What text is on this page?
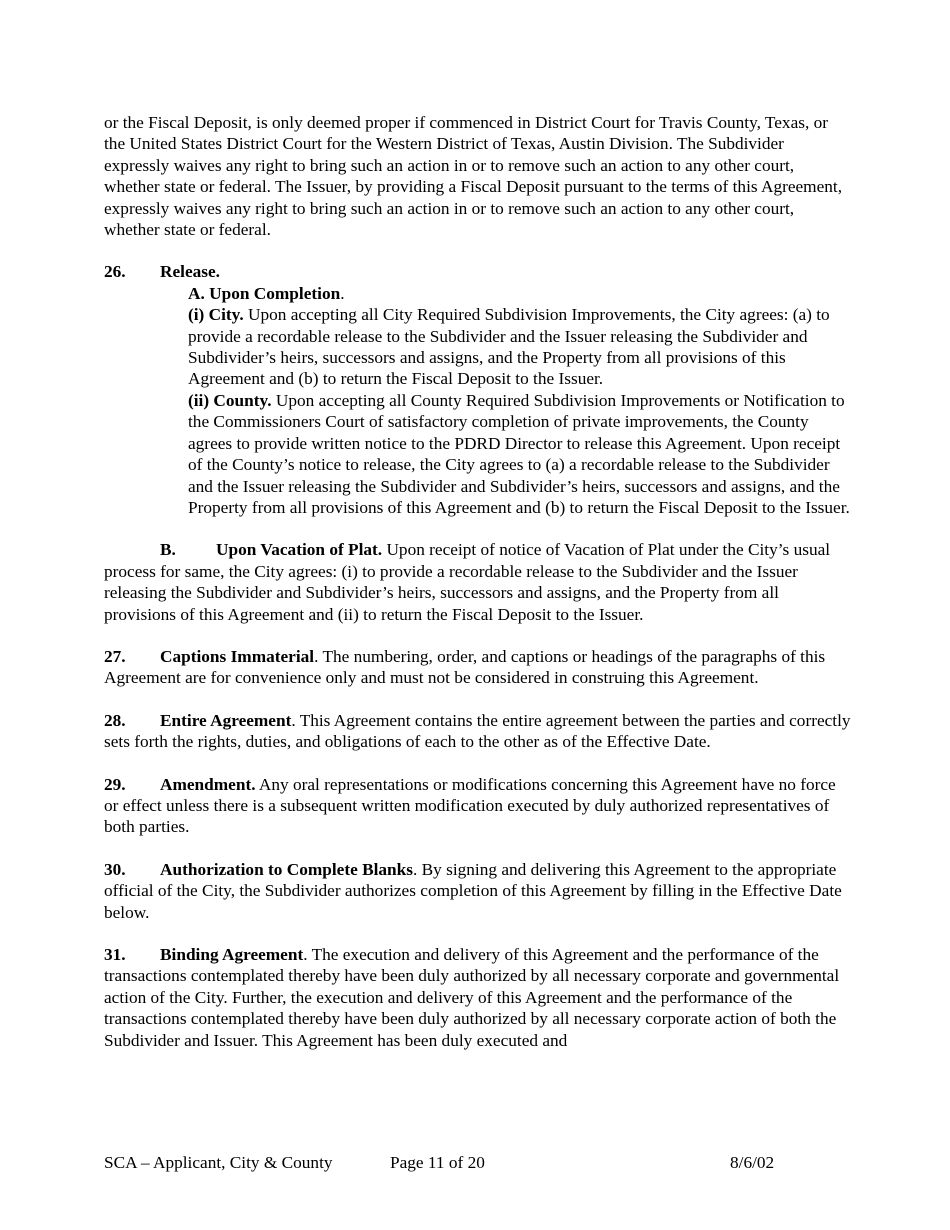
or the Fiscal Deposit, is only deemed proper if commenced in District Court for Travis County, Texas, or the United States District Court for the Western District of Texas, Austin Division. The Subdivider expressly waives any right to bring such an action in or to remove such an action to any other court, whether state or federal. The Issuer, by providing a Fiscal Deposit pursuant to the terms of this Agreement, expressly waives any right to bring such an action in or to remove such an action to any other court, whether state or federal.

26.	Release.

A. Upon Completion.

(i) City. Upon accepting all City Required Subdivision Improvements, the City agrees: (a) to provide a recordable release to the Subdivider and the Issuer releasing the Subdivider and Subdivider’s heirs, successors and assigns, and the Property from all provisions of this Agreement and (b) to return the Fiscal Deposit to the Issuer.

(ii) County. Upon accepting all County Required Subdivision Improvements or Notification to the Commissioners Court of satisfactory completion of private improvements, the County agrees to provide written notice to the PDRD Director to release this Agreement. Upon receipt of the County’s notice to release, the City agrees to (a) a recordable release to the Subdivider and the Issuer releasing the Subdivider and Subdivider’s heirs, successors and assigns, and the Property from all provisions of this Agreement and (b) to return the Fiscal Deposit to the Issuer.

B. Upon Vacation of Plat. Upon receipt of notice of Vacation of Plat under the City’s usual process for same, the City agrees: (i) to provide a recordable release to the Subdivider and the Issuer releasing the Subdivider and Subdivider’s heirs, successors and assigns, and the Property from all provisions of this Agreement and (ii) to return the Fiscal Deposit to the Issuer.

27. Captions Immaterial. The numbering, order, and captions or headings of the paragraphs of this Agreement are for convenience only and must not be considered in construing this Agreement.

28. Entire Agreement. This Agreement contains the entire agreement between the parties and correctly sets forth the rights, duties, and obligations of each to the other as of the Effective Date.

29. Amendment. Any oral representations or modifications concerning this Agreement have no force or effect unless there is a subsequent written modification executed by duly authorized representatives of both parties.

30. Authorization to Complete Blanks. By signing and delivering this Agreement to the appropriate official of the City, the Subdivider authorizes completion of this Agreement by filling in the Effective Date below.

31. Binding Agreement. The execution and delivery of this Agreement and the performance of the transactions contemplated thereby have been duly authorized by all necessary corporate and governmental action of the City. Further, the execution and delivery of this Agreement and the performance of the transactions contemplated thereby have been duly authorized by all necessary corporate action of both the Subdivider and Issuer. This Agreement has been duly executed and

SCA – Applicant, City & County	Page 11 of 20	8/6/02
